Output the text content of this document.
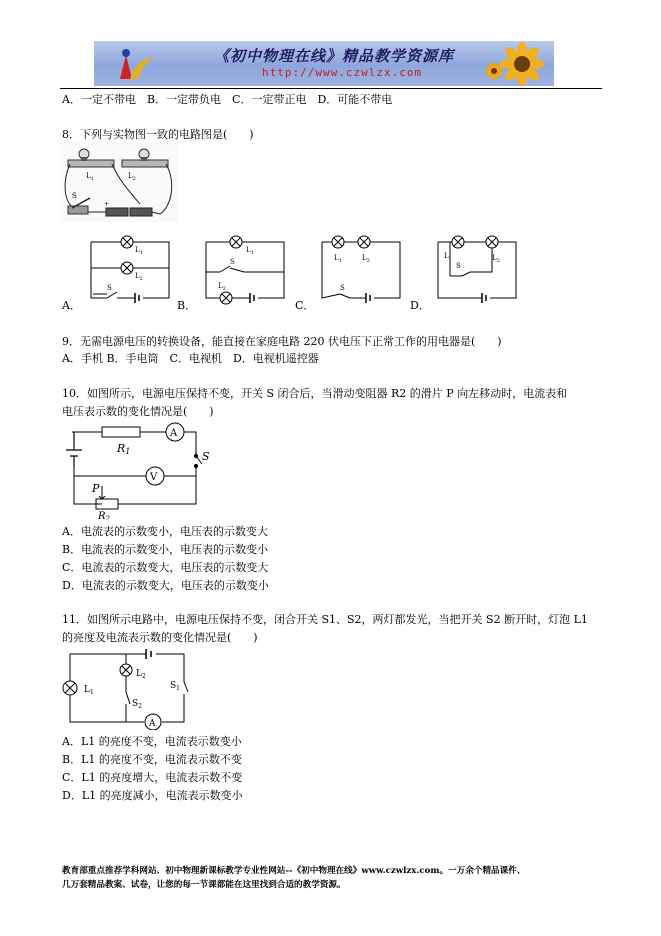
《初中物理在线》精品教学资源库
http://www.czwlzx.com
A．一定不带电　B．一定带负电　C．一定带正电　D．可能不带电
8．下列与实物图一致的电路图是(　　)
$L_1$	$L_2$
S
+
A．	B．	C．	D．
$L_1$
$L_2$
S
$L_1$
$L_2$
S	$L_1$	$L_2$
S
$L_1$	$L_2$
S
9．无需电源电压的转换设备，能直接在家庭电路 220 伏电压下正常工作的用电器是(　　)
A．手机 B．手电筒　C．电视机　D．电视机遥控器
10．如图所示，电源电压保持不变，开关 S 闭合后，当滑动变阻器 R2 的滑片 P 向左移动时，电流表和
电压表示数的变化情况是(　　)
R1
A
V
S
P
$R_2$
A．电流表的示数变小，电压表的示数变大
B．电流表的示数变小，电压表的示数变小
C．电流表的示数变大，电压表的示数变大
D．电流表的示数变大，电压表的示数变小
11．如图所示电路中，电源电压保持不变，闭合开关 S1、S2，两灯都发光，当把开关 S2 断开时，灯泡 L1
的亮度及电流表示数的变化情况是(　　)
$L_1$
$L_2$
$S_1$
$S_2$
A
A．L1 的亮度不变，电流表示数变小
B．L1 的亮度不变，电流表示数不变
C．L1 的亮度增大，电流表示数不变
D．L1 的亮度减小，电流表示数变小
教育部重点推荐学科网站、初中物理新课标教学专业性网站--《初中物理在线》www.czwlzx.com。一万余个精品课件、
几万套精品教案、试卷，让您的每一节课都能在这里找到合适的教学资源。
